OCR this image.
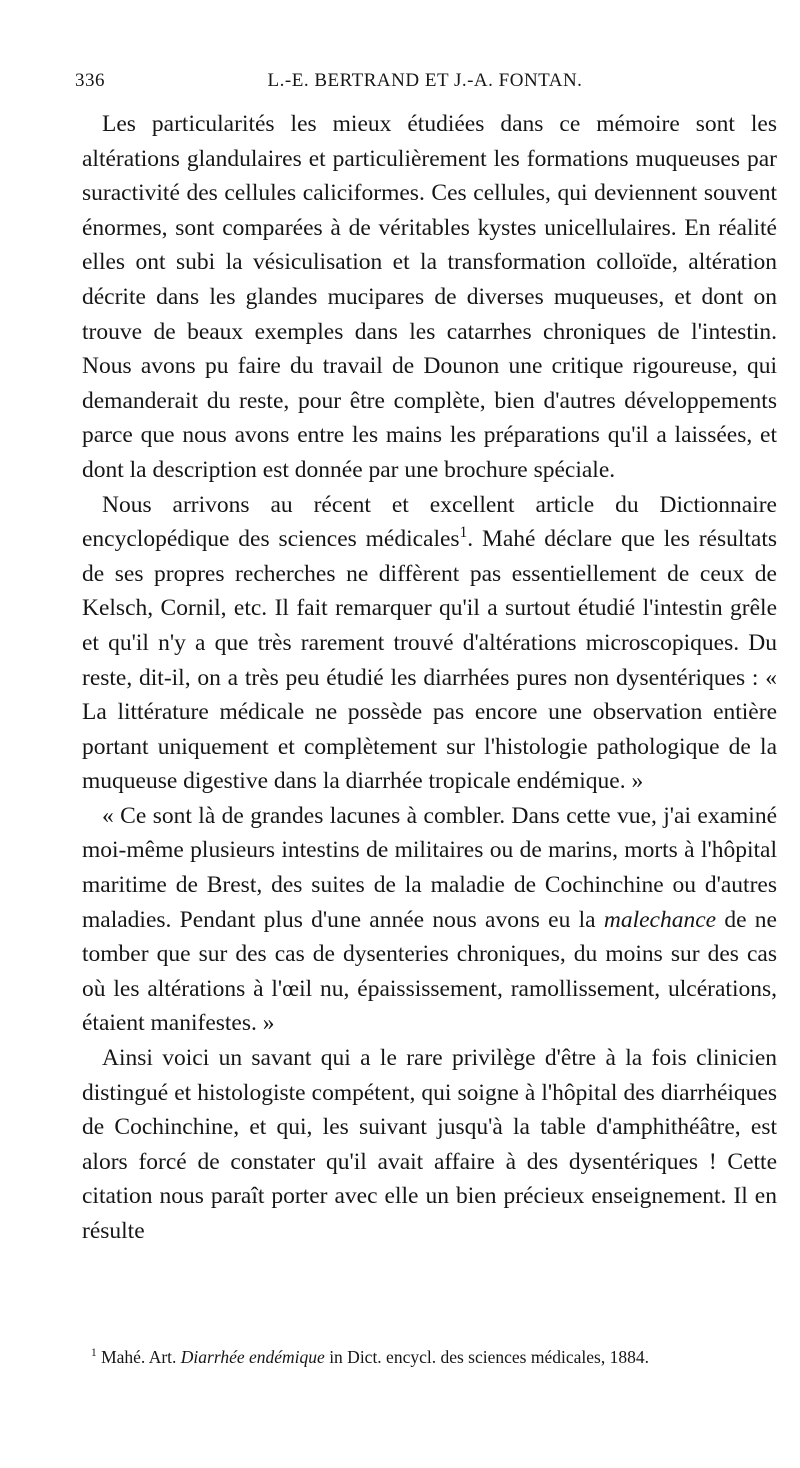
336	L.-E. BERTRAND ET J.-A. FONTAN.

Les particularités les mieux étudiées dans ce mémoire sont les altérations glandulaires et particulièrement les formations muqueuses par suractivité des cellules caliciformes. Ces cellules, qui deviennent souvent énormes, sont comparées à de véritables kystes unicellulaires. En réalité elles ont subi la vésiculisation et la transformation colloïde, altération décrite dans les glandes mucipares de diverses muqueuses, et dont on trouve de beaux exemples dans les catarrhes chroniques de l'intestin. Nous avons pu faire du travail de Dounon une critique rigoureuse, qui demanderait du reste, pour être complète, bien d'autres développements parce que nous avons entre les mains les préparations qu'il a laissées, et dont la description est donnée par une brochure spéciale.

Nous arrivons au récent et excellent article du Dictionnaire encyclopédique des sciences médicales$^1$. Mahé déclare que les résultats de ses propres recherches ne diffèrent pas essentiellement de ceux de Kelsch, Cornil, etc. Il fait remarquer qu'il a surtout étudié l'intestin grêle et qu'il n'y a que très rarement trouvé d'altérations microscopiques. Du reste, dit-il, on a très peu étudié les diarrhées pures non dysentériques : « La littérature médicale ne possède pas encore une observation entière portant uniquement et complètement sur l'histologie pathologique de la muqueuse digestive dans la diarrhée tropicale endémique. »

« Ce sont là de grandes lacunes à combler. Dans cette vue, j'ai examiné moi-même plusieurs intestins de militaires ou de marins, morts à l'hôpital maritime de Brest, des suites de la maladie de Cochinchine ou d'autres maladies. Pendant plus d'une année nous avons eu la malechance de ne tomber que sur des cas de dysenteries chroniques, du moins sur des cas où les altérations à l'œil nu, épaississement, ramollissement, ulcérations, étaient manifestes. »

Ainsi voici un savant qui a le rare privilège d'être à la fois clinicien distingué et histologiste compétent, qui soigne à l'hôpital des diarrhéiques de Cochinchine, et qui, les suivant jusqu'à la table d'amphithéâtre, est alors forcé de constater qu'il avait affaire à des dysentériques ! Cette citation nous paraît porter avec elle un bien précieux enseignement. Il en résulte

$^1$ Mahé. Art. Diarrhée endémique in Dict. encycl. des sciences médicales, 1884.
